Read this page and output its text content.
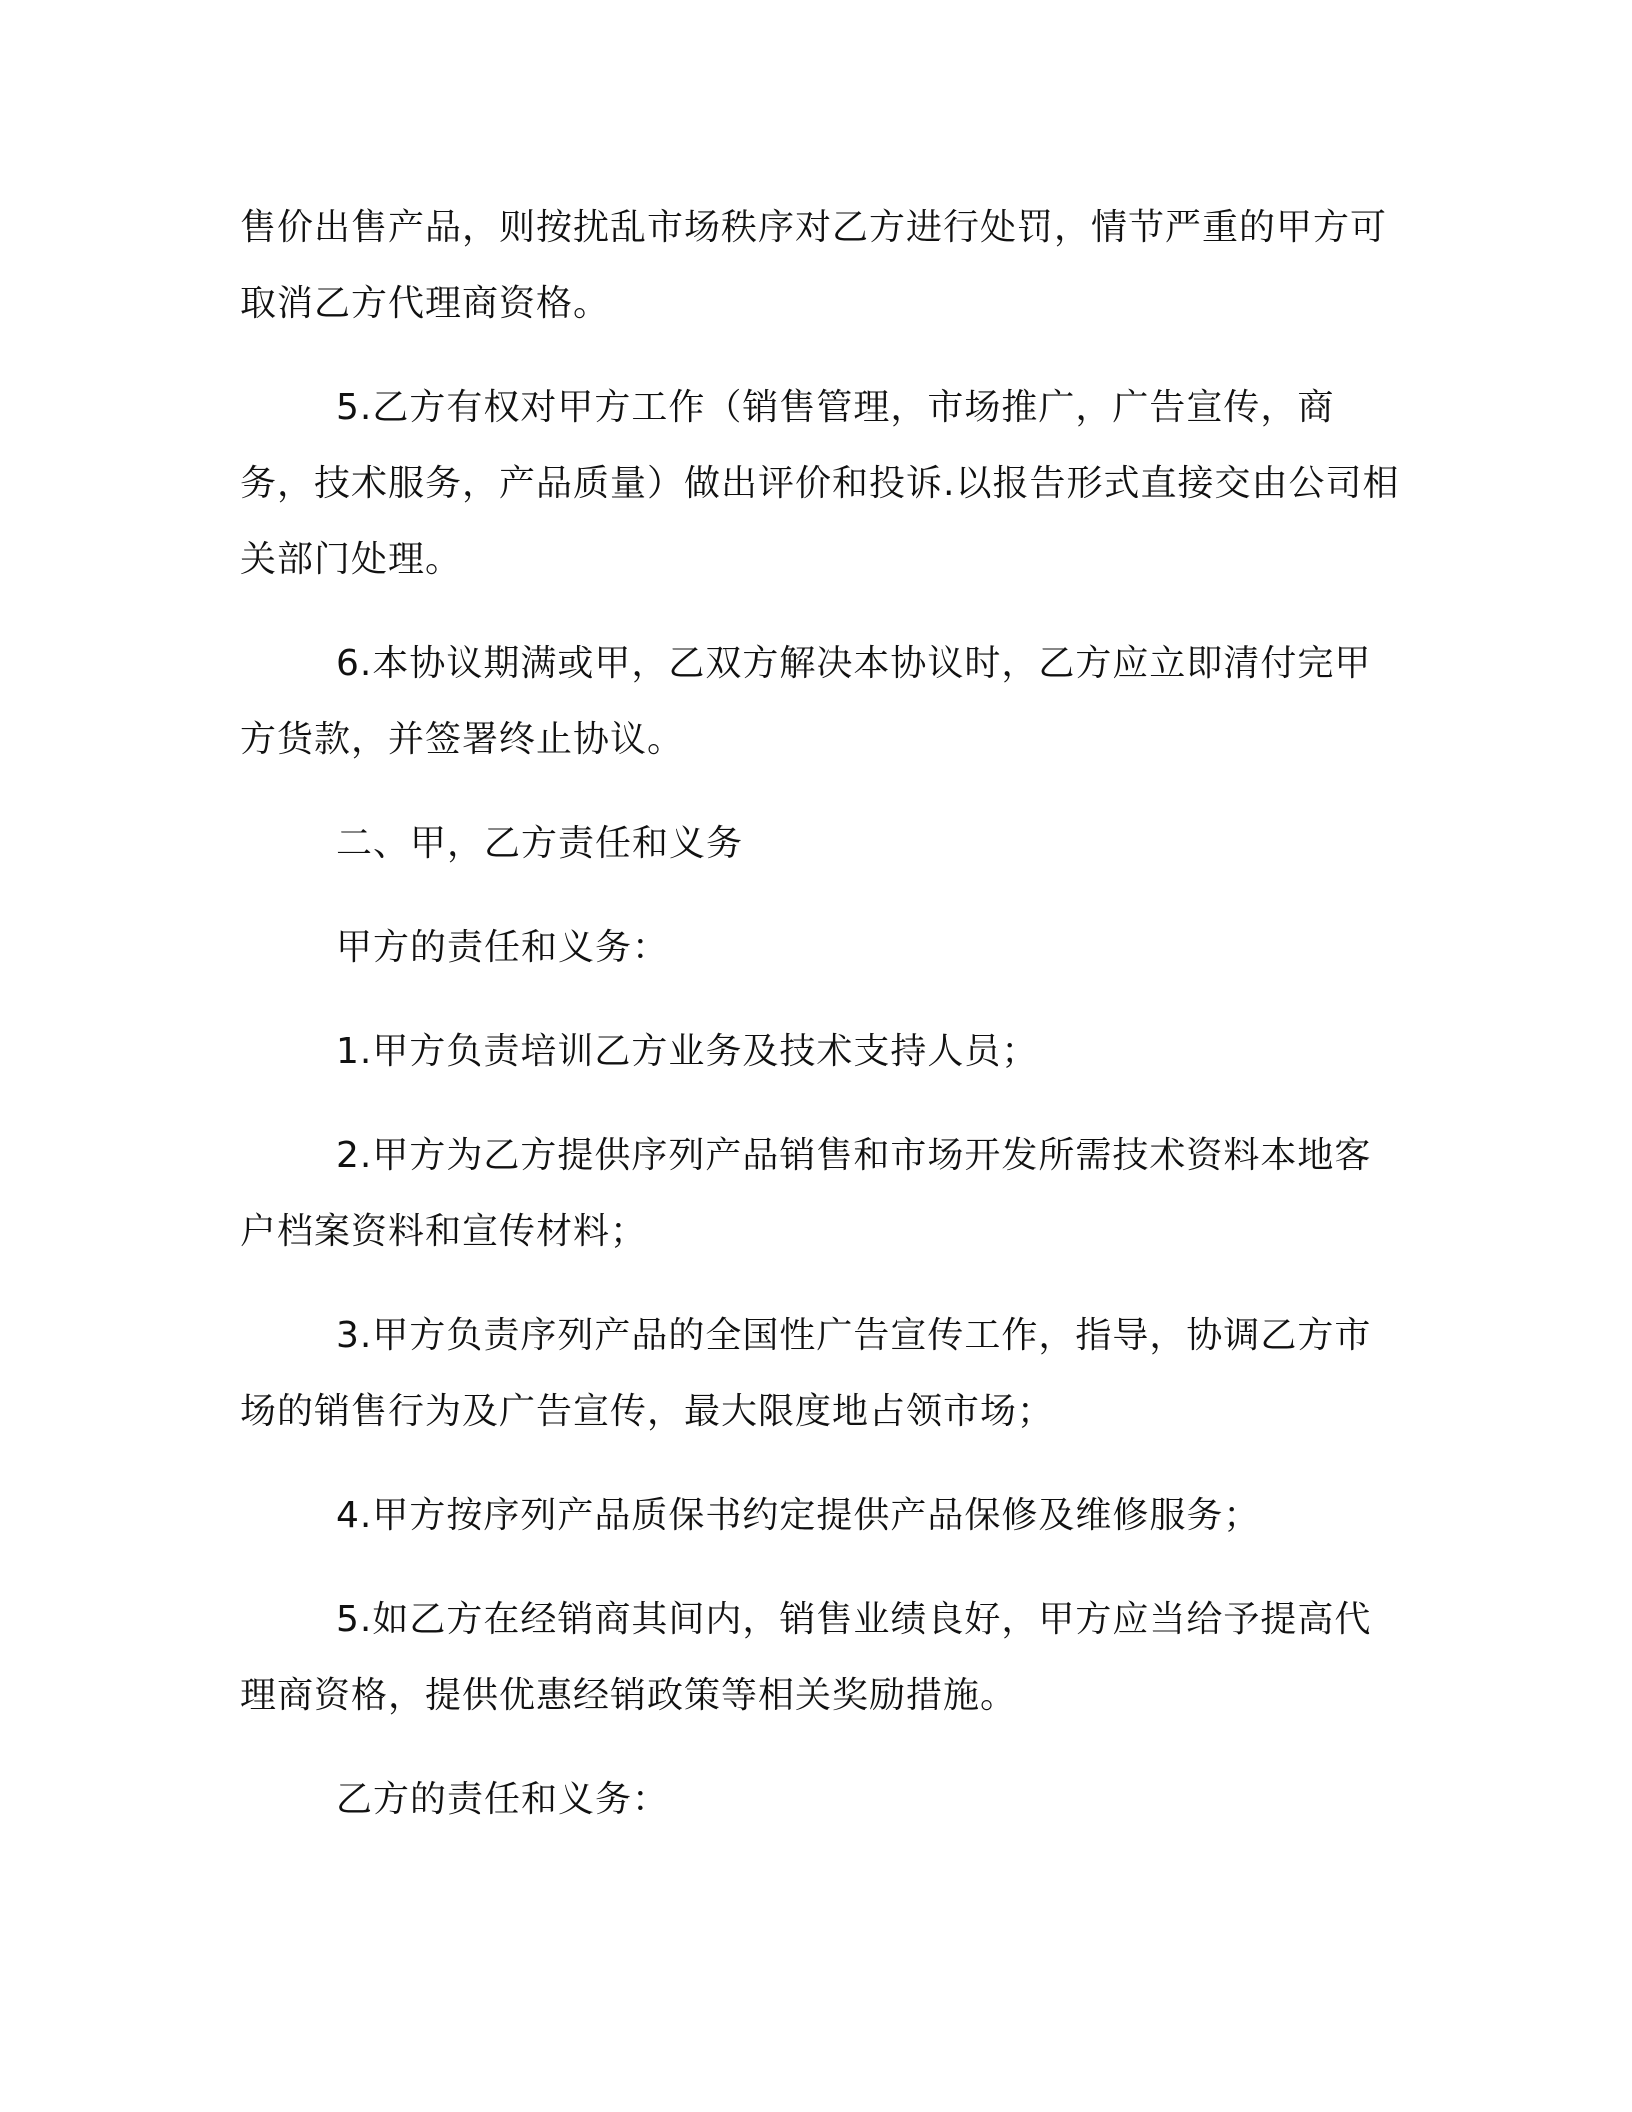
售价出售产品，则按扰乱市场秩序对乙方进行处罚，情节严重的甲方可取消乙方代理商资格。

5.乙方有权对甲方工作（销售管理，市场推广，广告宣传，商务，技术服务，产品质量）做出评价和投诉.以报告形式直接交由公司相关部门处理。

6.本协议期满或甲，乙双方解决本协议时，乙方应立即清付完甲方货款，并签署终止协议。

二、甲，乙方责任和义务

甲方的责任和义务：

1.甲方负责培训乙方业务及技术支持人员；

2.甲方为乙方提供序列产品销售和市场开发所需技术资料本地客户档案资料和宣传材料；

3.甲方负责序列产品的全国性广告宣传工作，指导，协调乙方市场的销售行为及广告宣传，最大限度地占领市场；

4.甲方按序列产品质保书约定提供产品保修及维修服务；

5.如乙方在经销商其间内，销售业绩良好，甲方应当给予提高代理商资格，提供优惠经销政策等相关奖励措施。

乙方的责任和义务：
